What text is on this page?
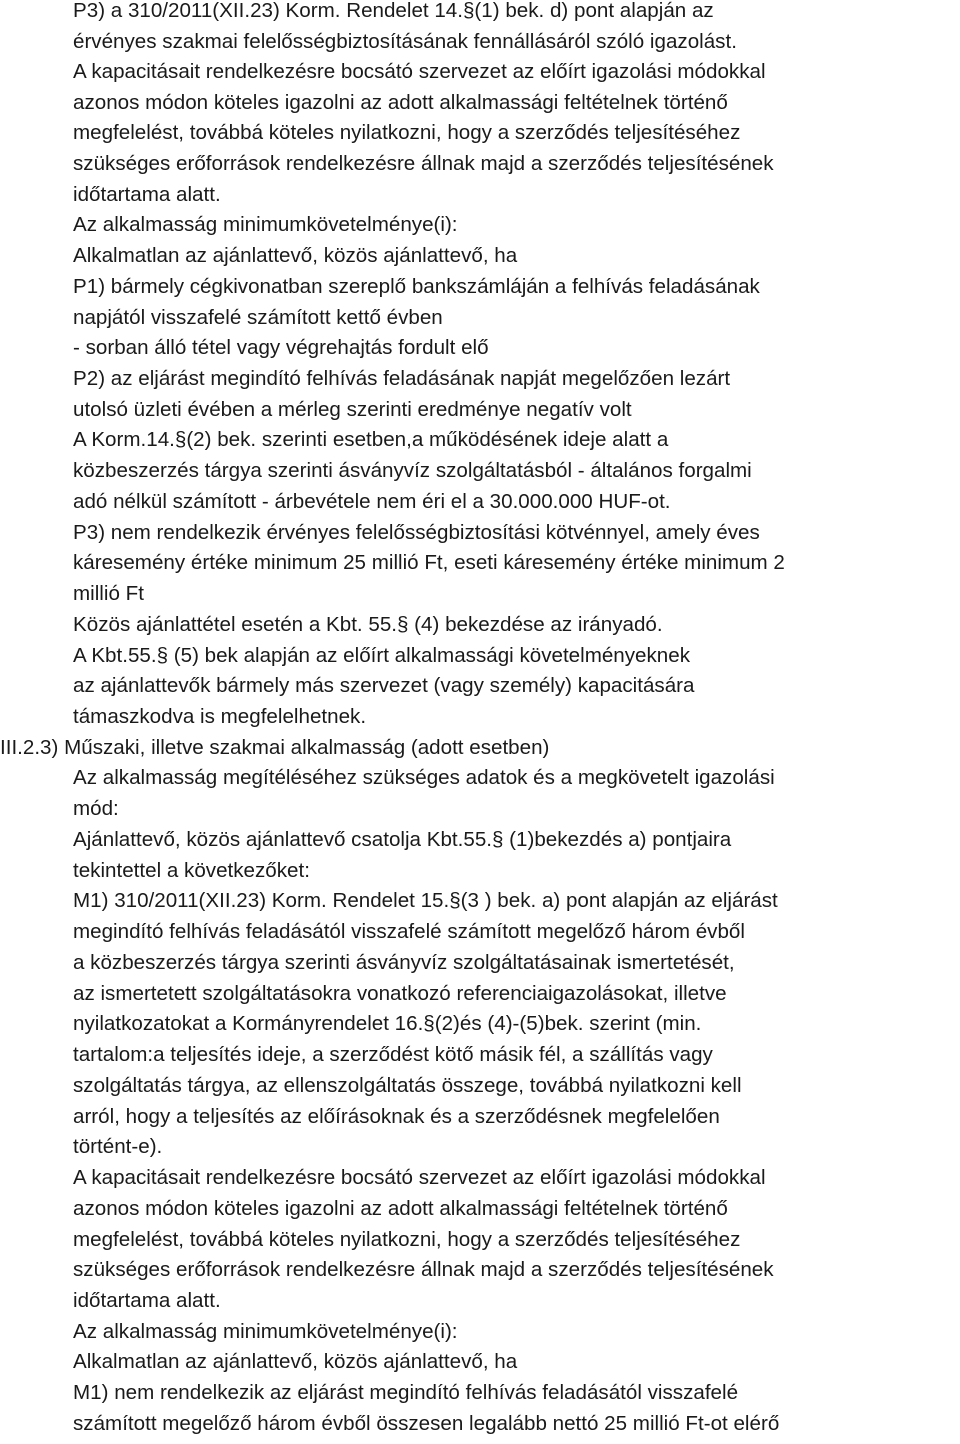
P3) a 310/2011(XII.23) Korm. Rendelet 14.§(1) bek. d) pont alapján az
érvényes szakmai felelősségbiztosításának fennállásáról szóló igazolást.
A kapacitásait rendelkezésre bocsátó szervezet az előírt igazolási módokkal
azonos módon köteles igazolni az adott alkalmassági feltételnek történő
megfelelést, továbbá köteles nyilatkozni, hogy a szerződés teljesítéséhez
szükséges erőforrások rendelkezésre állnak majd a szerződés teljesítésének
időtartama alatt.
Az alkalmasság minimumkövetelménye(i):
Alkalmatlan az ajánlattevő, közös ajánlattevő, ha
P1) bármely cégkivonatban szereplő bankszámláján a felhívás feladásának
napjától visszafelé számított kettő évben
- sorban álló tétel vagy végrehajtás fordult elő
P2) az eljárást megindító felhívás feladásának napját megelőzően lezárt
utolsó üzleti évében a mérleg szerinti eredménye negatív volt
A Korm.14.§(2) bek. szerinti esetben,a működésének ideje alatt a
közbeszerzés tárgya szerinti ásványvíz szolgáltatásból - általános forgalmi
adó nélkül számított - árbevétele nem éri el a 30.000.000 HUF-ot.
P3) nem rendelkezik érvényes felelősségbiztosítási kötvénnyel, amely éves
káresemény értéke minimum 25 millió Ft, eseti káresemény értéke minimum 2
millió Ft
Közös ajánlattétel esetén a Kbt. 55.§ (4) bekezdése az irányadó.
A Kbt.55.§ (5) bek alapján az előírt alkalmassági követelményeknek
az ajánlattevők bármely más szervezet (vagy személy) kapacitására
támaszkodva is megfelelhetnek.
III.2.3) Műszaki, illetve szakmai alkalmasság (adott esetben)
Az alkalmasság megítéléséhez szükséges adatok és a megkövetelt igazolási
mód:
Ajánlattevő, közös ajánlattevő csatolja Kbt.55.§ (1)bekezdés a) pontjaira
tekintettel a következőket:
M1) 310/2011(XII.23) Korm. Rendelet 15.§(3 ) bek. a) pont alapján az eljárást
megindító felhívás feladásától visszafelé számított megelőző három évből
a közbeszerzés tárgya szerinti ásványvíz szolgáltatásainak ismertetését,
az ismertetett szolgáltatásokra vonatkozó referenciaigazolásokat, illetve
nyilatkozatokat a Kormányrendelet 16.§(2)és (4)-(5)bek. szerint (min.
tartalom:a teljesítés ideje, a szerződést kötő másik fél, a szállítás vagy
szolgáltatás tárgya, az ellenszolgáltatás összege, továbbá nyilatkozni kell
arról, hogy a teljesítés az előírásoknak és a szerződésnek megfelelően
történt-e).
A kapacitásait rendelkezésre bocsátó szervezet az előírt igazolási módokkal
azonos módon köteles igazolni az adott alkalmassági feltételnek történő
megfelelést, továbbá köteles nyilatkozni, hogy a szerződés teljesítéséhez
szükséges erőforrások rendelkezésre állnak majd a szerződés teljesítésének
időtartama alatt.
Az alkalmasság minimumkövetelménye(i):
Alkalmatlan az ajánlattevő, közös ajánlattevő, ha
M1) nem rendelkezik az eljárást megindító felhívás feladásától visszafelé
számított megelőző három évből összesen legalább nettó 25 millió Ft-ot elérő
